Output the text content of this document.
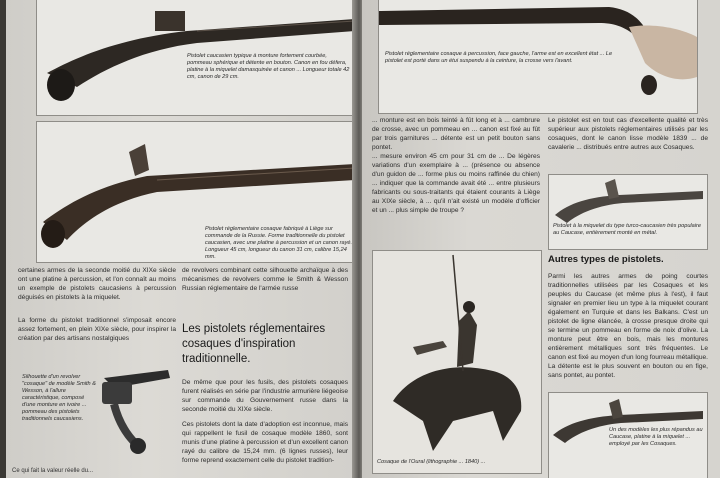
Pistolet caucasien typique à monture fortement courbée, pommeau sphérique et détente en bouton. Canon en fou défera, platine à la miquelet damasquinée et canon ... Longueur totale 42 cm, canon de 29 cm.
Pistolet réglementaire cosaque fabriqué à Liège sur commande de la Russie. Forme traditionnelle du pistolet caucasien, avec une platine à percussion et un canon rayé. Longueur 45 cm, longueur du canon 31 cm, calibre 15,24 mm.
certaines armes de la seconde moitié du XIXe siècle ont une platine à percussion, et l'on connaît au moins un exemple de pistolets caucasiens à percussion déguisés en pistolets à la miquelet.
La forme du pistolet traditionnel s'imposait encore assez fortement, en plein XIXe siècle, pour inspirer la création par des artisans nostalgiques
Silhouette d'un revolver "cosaque" de modèle Smith & Wesson, à l'allure caractéristique, composé d'une monture en ivoire ... pommeau des pistolets traditionnels caucasiens.
de revolvers combinant cette silhouette archaïque à des mécanismes de revolvers comme le Smith & Wesson Russian réglementaire de l'armée russe
Les pistolets réglementaires cosaques d'inspiration traditionnelle.
De même que pour les fusils, des pistolets cosaques furent réalisés en série par l'industrie armurière liégeoise sur commande du Gouvernement russe dans la seconde moitié du XIXe siècle.
Ces pistolets dont la date d'adoption est inconnue, mais qui rappellent le fusil de cosaque modèle 1860, sont munis d'une platine à percussion et d'un excellent canon rayé du calibre de 15,24 mm. (6 lignes russes), leur forme reprend exactement celle du pistolet tradition-
Ce qui fait la valeur réelle du...
Pistolet réglementaire cosaque à percussion, face gauche, l'arme est en excellent état ... Le pistolet est porté dans un étui suspendu à la ceinture, la crosse vers l'avant.
... monture est en bois teinté à fût long et à ... cambrure de crosse, avec un pommeau en ... canon est fixé au fût par trois garnitures ... détente est un petit bouton sans pontet.
... mesure environ 45 cm pour 31 cm de ... De légères variations d'un exemplaire à ... (présence ou absence d'un guidon de ... forme plus ou moins raffinée du chien) ... indiquer que la commande avait été ... entre plusieurs fabricants ou sous-traitants qui étaient courants à Liège au XIXe siècle, à ... qu'il n'ait existé un modèle d'officier et un ... plus simple de troupe ?
Cosaque de l'Oural (lithographie ... 1840) ...
Le pistolet est en tout cas d'excellente qualité et très supérieur aux pistolets réglementaires utilisés par les cosaques, dont le canon lisse modèle 1839 ... de cavalerie ... distribués entre autres aux Cosaques.
Pistolet à la miquelet du type turco-caucasien très populaire au Caucase, entièrement monté en métal.
Autres types de pistolets.
Parmi les autres armes de poing courtes traditionnelles utilisées par les Cosaques et les peuples du Caucase (et même plus à l'est), il faut signaler en premier lieu un type à la miquelet courant également en Turquie et dans les Balkans. C'est un pistolet de ligne élancée, à crosse presque droite qui se termine un pommeau en forme de noix d'olive. La monture peut être en bois, mais les montures entièrement métalliques sont très fréquentes. Le canon est fixé au moyen d'un long fourreau métallique. La détente est le plus souvent en bouton ou en fige, sans pontet, au pontet.
Un des modèles les plus répandus au Caucase, platine à la miquelet ... employé par les Cosaques.
